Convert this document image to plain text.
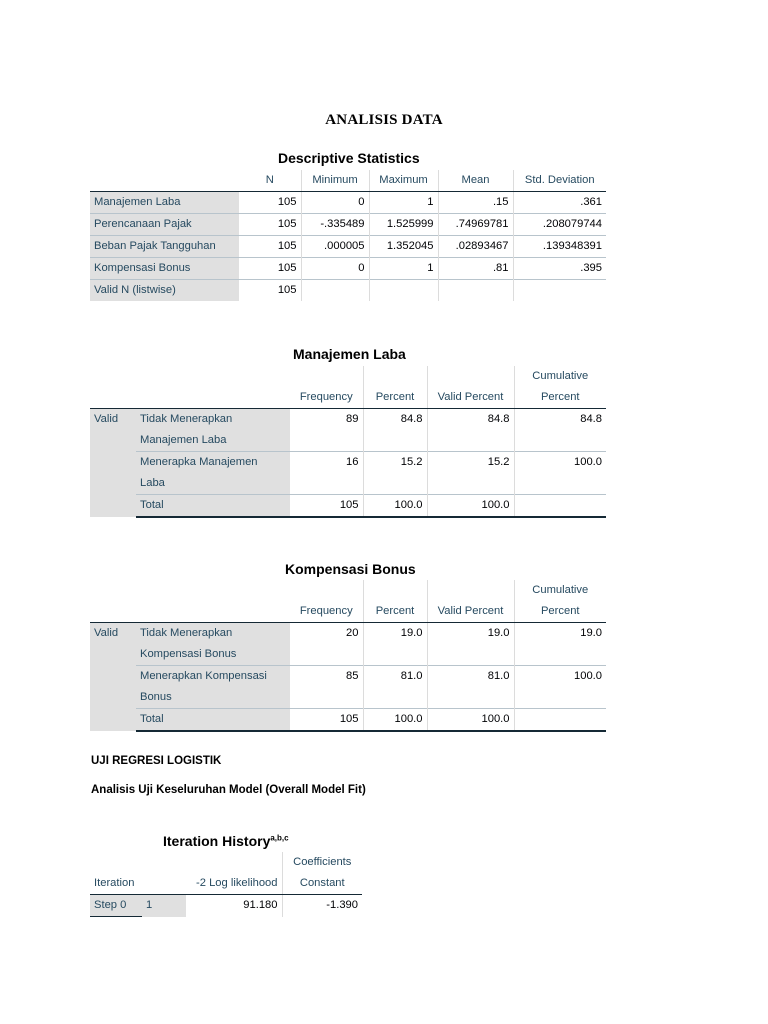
ANALISIS DATA
Descriptive Statistics
	N	Minimum	Maximum	Mean	Std. Deviation
Manajemen Laba	105	0	1	.15	.361
Perencanaan Pajak	105	-.335489	1.525999	.74969781	.208079744
Beban Pajak Tangguhan	105	.000005	1.352045	.02893467	.139348391
Kompensasi Bonus	105	0	1	.81	.395
Valid N (listwise)	105				
Manajemen Laba
					Cumulative
		Frequency	Percent	Valid Percent	Percent
Valid	Tidak Menerapkan	89	84.8	84.8	84.8
	Manajemen Laba				
	Menerapka Manajemen	16	15.2	15.2	100.0
	Laba				
	Total	105	100.0	100.0	
Kompensasi Bonus
					Cumulative
		Frequency	Percent	Valid Percent	Percent
Valid	Tidak Menerapkan	20	19.0	19.0	19.0
	Kompensasi Bonus				
	Menerapkan Kompensasi	85	81.0	81.0	100.0
	Bonus				
	Total	105	100.0	100.0	
UJI REGRESI LOGISTIK
Analisis Uji Keseluruhan Model (Overall Model Fit)
Iteration History$^{a,b,c}$
			Coefficients
Iteration		-2 Log likelihood	Constant
Step 0	1	91.180	-1.390
